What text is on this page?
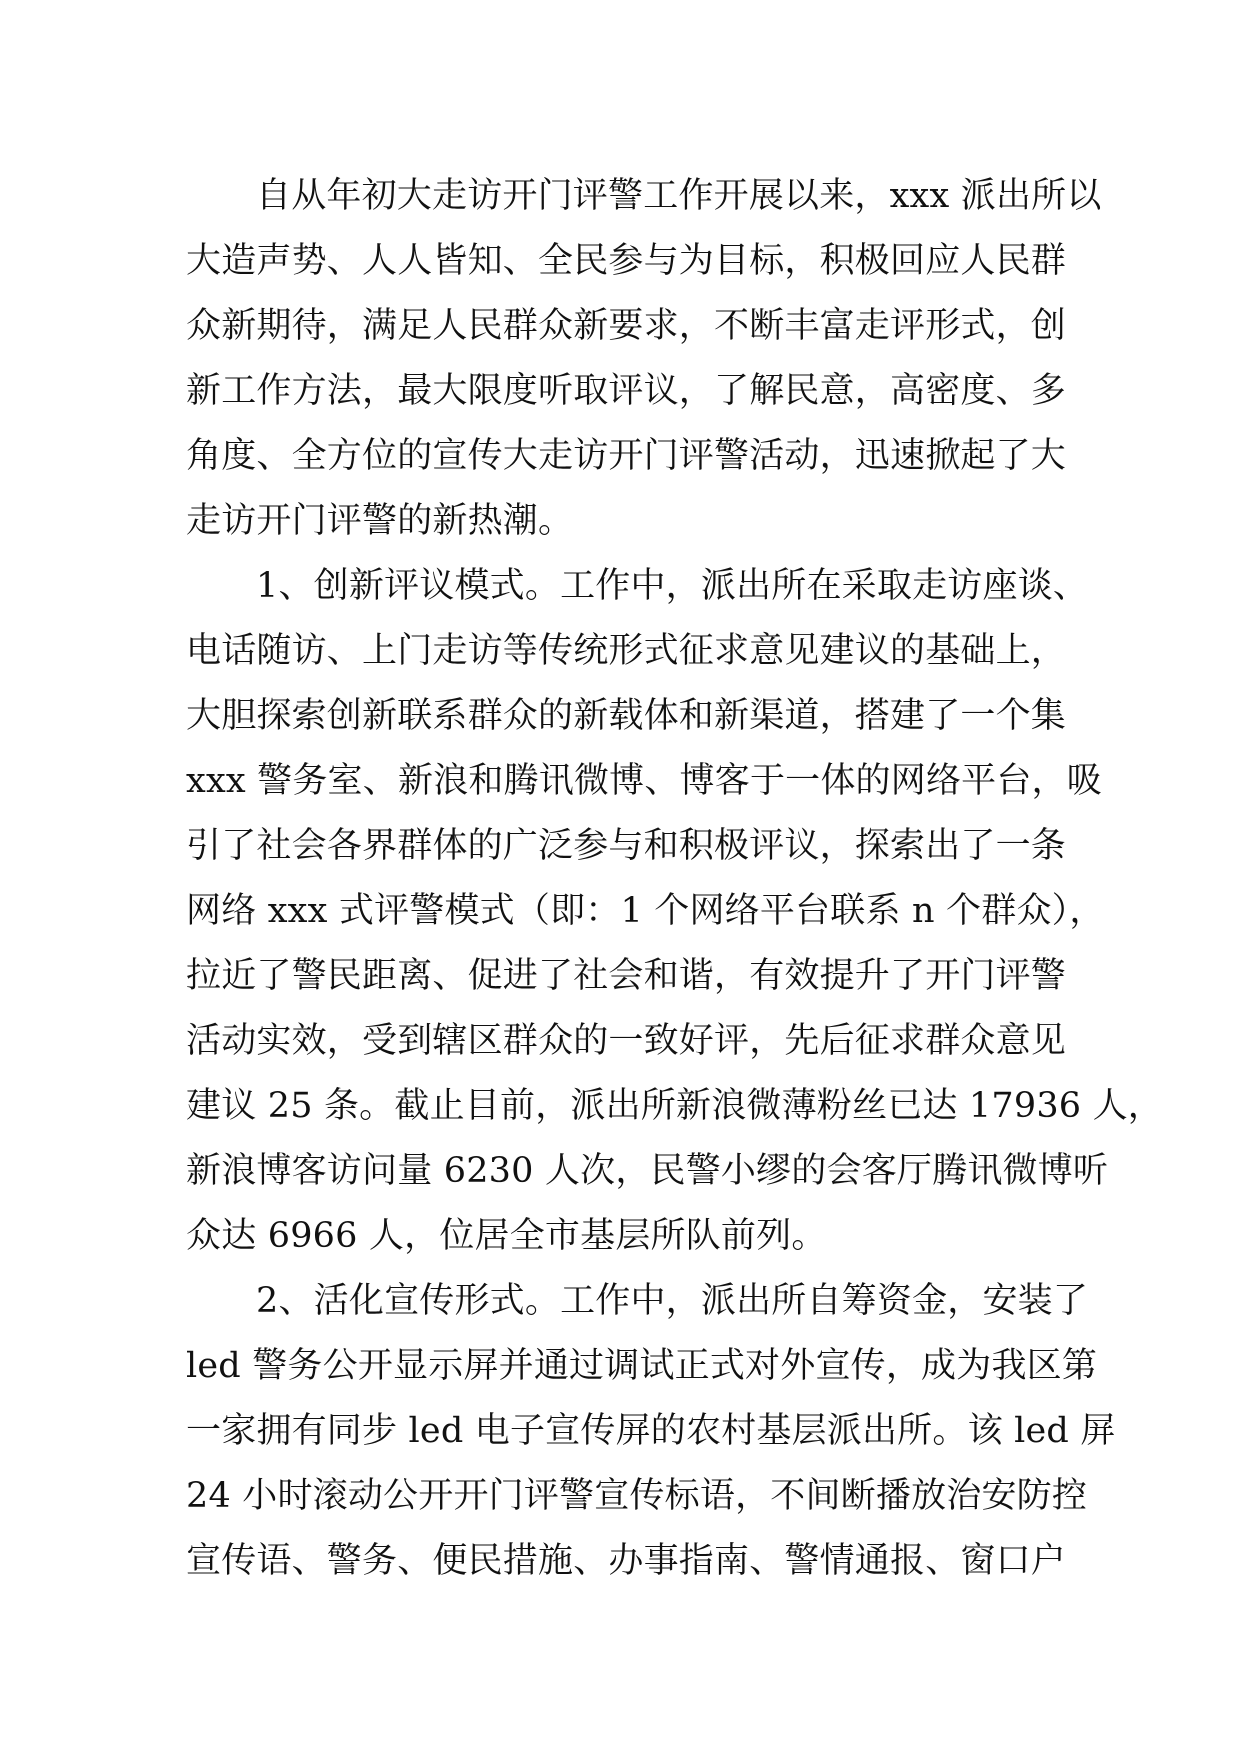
自从年初大走访开门评警工作开展以来，xxx 派出所以
大造声势、人人皆知、全民参与为目标，积极回应人民群
众新期待，满足人民群众新要求，不断丰富走评形式，创
新工作方法，最大限度听取评议，了解民意，高密度、多
角度、全方位的宣传大走访开门评警活动，迅速掀起了大
走访开门评警的新热潮。
1、创新评议模式。工作中，派出所在采取走访座谈、
电话随访、上门走访等传统形式征求意见建议的基础上，
大胆探索创新联系群众的新载体和新渠道，搭建了一个集
xxx 警务室、新浪和腾讯微博、博客于一体的网络平台，吸
引了社会各界群体的广泛参与和积极评议，探索出了一条
网络 xxx 式评警模式（即：1 个网络平台联系 n 个群众），
拉近了警民距离、促进了社会和谐，有效提升了开门评警
活动实效，受到辖区群众的一致好评，先后征求群众意见
建议 25 条。截止目前，派出所新浪微薄粉丝已达 17936 人，
新浪博客访问量 6230 人次，民警小缪的会客厅腾讯微博听
众达 6966 人，位居全市基层所队前列。
2、活化宣传形式。工作中，派出所自筹资金，安装了
led 警务公开显示屏并通过调试正式对外宣传，成为我区第
一家拥有同步 led 电子宣传屏的农村基层派出所。该 led 屏
24 小时滚动公开开门评警宣传标语，不间断播放治安防控
宣传语、警务、便民措施、办事指南、警情通报、窗口户
